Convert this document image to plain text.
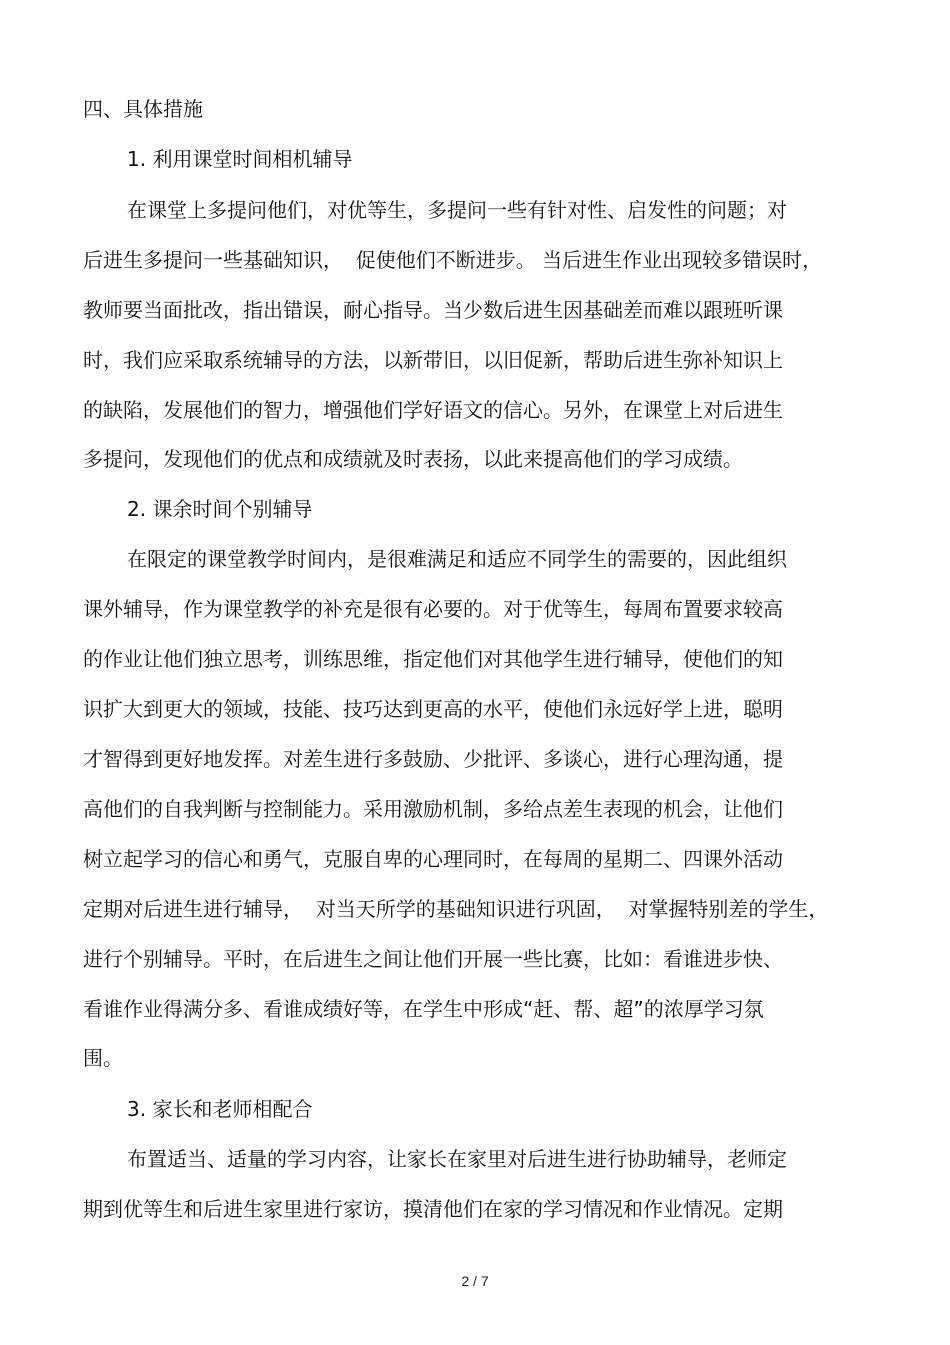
四、具体措施

1. 利用课堂时间相机辅导

在课堂上多提问他们，对优等生，多提问一些有针对性、启发性的问题；对

后进生多提问一些基础知识，  促使他们不断进步。 当后进生作业出现较多错误时，

教师要当面批改，指出错误，耐心指导。当少数后进生因基础差而难以跟班听课

时，我们应采取系统辅导的方法，以新带旧，以旧促新，帮助后进生弥补知识上

的缺陷，发展他们的智力，增强他们学好语文的信心。另外，在课堂上对后进生

多提问，发现他们的优点和成绩就及时表扬，以此来提高他们的学习成绩。

2. 课余时间个别辅导

在限定的课堂教学时间内，是很难满足和适应不同学生的需要的，因此组织

课外辅导，作为课堂教学的补充是很有必要的。对于优等生，每周布置要求较高

的作业让他们独立思考，训练思维，指定他们对其他学生进行辅导，使他们的知

识扩大到更大的领域，技能、技巧达到更高的水平，使他们永远好学上进，聪明

才智得到更好地发挥。对差生进行多鼓励、少批评、多谈心，进行心理沟通，提

高他们的自我判断与控制能力。采用激励机制，多给点差生表现的机会，让他们

树立起学习的信心和勇气，克服自卑的心理同时，在每周的星期二、四课外活动

定期对后进生进行辅导，  对当天所学的基础知识进行巩固，  对掌握特别差的学生，

进行个别辅导。平时，在后进生之间让他们开展一些比赛，比如：看谁进步快、

看谁作业得满分多、看谁成绩好等，在学生中形成“赶、帮、超”的浓厚学习氛

围。

3. 家长和老师相配合

布置适当、适量的学习内容，让家长在家里对后进生进行协助辅导，老师定

期到优等生和后进生家里进行家访，摸清他们在家的学习情况和作业情况。定期

2 / 7
